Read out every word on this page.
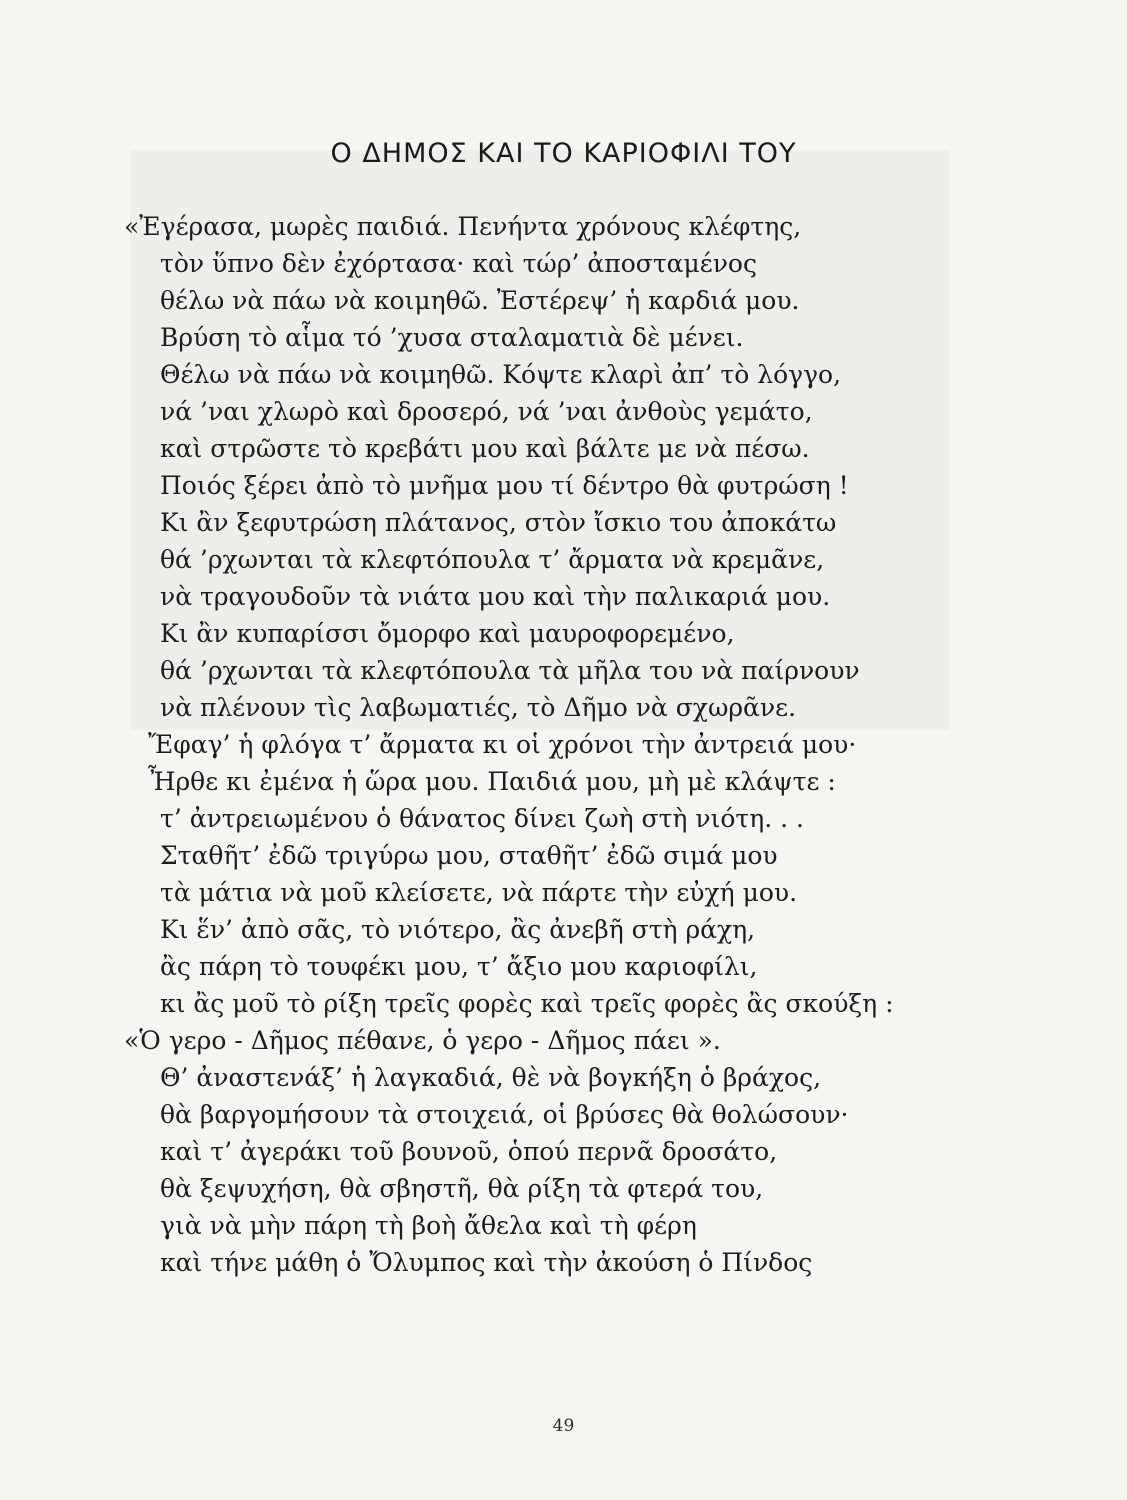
Ο ΔΗΜΟΣ ΚΑΙ ΤΟ ΚΑΡΙΟΦΙΛΙ ΤΟΥ
«Ἐγέρασα, μωρὲς παιδιά. Πενήντα χρόνους κλέφτης,
τὸν ὕπνο δὲν ἐχόρτασα· καὶ τώρ’ ἀποσταμένος
θέλω νὰ πάω νὰ κοιμηθῶ. Ἐστέρεψ’ ἡ καρδιά μου.
Βρύση τὸ αἷμα τό ’χυσα σταλαματιὰ δὲ μένει.
Θέλω νὰ πάω νὰ κοιμηθῶ. Κόψτε κλαρὶ ἀπ’ τὸ λόγγο,
νά ’ναι χλωρὸ καὶ δροσερό, νά ’ναι ἀνθοὺς γεμάτο,
καὶ στρῶστε τὸ κρεβάτι μου καὶ βάλτε με νὰ πέσω.
Ποιός ξέρει ἀπὸ τὸ μνῆμα μου τί δέντρο θὰ φυτρώση !
Κι ἂν ξεφυτρώση πλάτανος, στὸν ἴσκιο του ἀποκάτω
θά ’ρχωνται τὰ κλεφτόπουλα τ’ ἄρματα νὰ κρεμᾶνε,
νὰ τραγουδοῦν τὰ νιάτα μου καὶ τὴν παλικαριά μου.
Κι ἂν κυπαρίσσι ὄμορφο καὶ μαυροφορεμένο,
θά ’ρχωνται τὰ κλεφτόπουλα τὰ μῆλα του νὰ παίρνουν
νὰ πλένουν τὶς λαβωματιές, τὸ Δῆμο νὰ σχωρᾶνε.
Ἔφαγ’ ἡ φλόγα τ’ ἄρματα κι οἱ χρόνοι τὴν ἀντρειά μου·
Ἦρθε κι ἐμένα ἡ ὥρα μου. Παιδιά μου, μὴ μὲ κλάψτε :
τ’ ἀντρειωμένου ὁ θάνατος δίνει ζωὴ στὴ νιότη. . .
Σταθῆτ’ ἐδῶ τριγύρω μου, σταθῆτ’ ἐδῶ σιμά μου
τὰ μάτια νὰ μοῦ κλείσετε, νὰ πάρτε τὴν εὐχή μου.
Κι ἕν’ ἀπὸ σᾶς, τὸ νιότερο, ἂς ἀνεβῆ στὴ ράχη,
ἂς πάρη τὸ τουφέκι μου, τ’ ἄξιο μου καριοφίλι,
κι ἂς μοῦ τὸ ρίξη τρεῖς φορὲς καὶ τρεῖς φορὲς ἂς σκούξη :
«Ὁ γερο - Δῆμος πέθανε, ὁ γερο - Δῆμος πάει ».
Θ’ ἀναστενάξ’ ἡ λαγκαδιά, θὲ νὰ βογκήξη ὁ βράχος,
θὰ βαργομήσουν τὰ στοιχειά, οἱ βρύσες θὰ θολώσουν·
καὶ τ’ ἀγεράκι τοῦ βουνοῦ, ὁπού περνᾶ δροσάτο,
θὰ ξεψυχήση, θὰ σβηστῆ, θὰ ρίξη τὰ φτερά του,
γιὰ νὰ μὴν πάρη τὴ βοὴ ἄθελα καὶ τὴ φέρη
καὶ τήνε μάθη ὁ Ὄλυμπος καὶ τὴν ἀκούση ὁ Πίνδος
49
